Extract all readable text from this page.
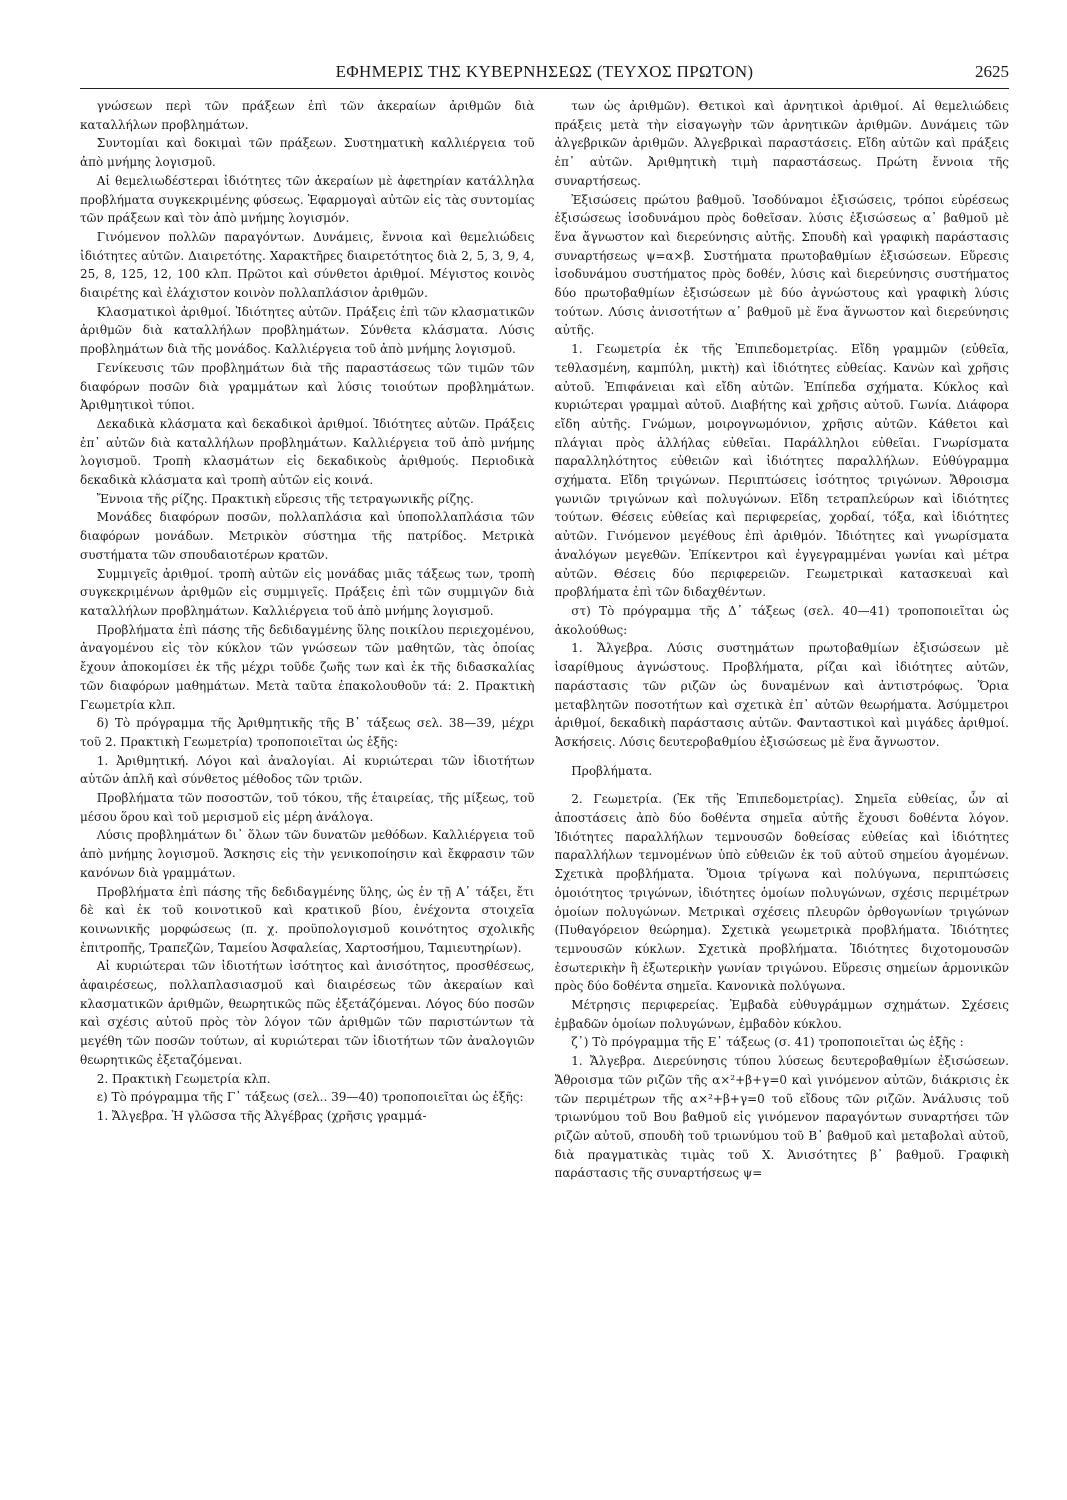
ΕΦΗΜΕΡΙΣ ΤΗΣ ΚΥΒΕΡΝΗΣΕΩΣ (ΤΕΥΧΟΣ ΠΡΩΤΟΝ)	2625

γνώσεων περὶ τῶν πράξεων ἐπὶ τῶν ἀκεραίων ἀριθμῶν διὰ καταλλήλων προβλημάτων.

Συντομίαι καὶ δοκιμαὶ τῶν πράξεων. Συστηματικὴ καλλιέργεια τοῦ ἀπὸ μνήμης λογισμοῦ.

Αἱ θεμελιωδέστεραι ἰδιότητες τῶν ἀκεραίων μὲ ἀφετηρίαν κατάλληλα προβλήματα συγκεκριμένης φύσεως. Ἐφαρμογαὶ αὐτῶν εἰς τὰς συντομίας τῶν πράξεων καὶ τὸν ἀπὸ μνήμης λογισμόν.

Γινόμενον πολλῶν παραγόντων. Δυνάμεις, ἔννοια καὶ θεμελιώδεις ἰδιότητες αὐτῶν. Διαιρετότης. Χαρακτῆρες διαιρετότητος διὰ 2, 5, 3, 9, 4, 25, 8, 125, 12, 100 κλπ. Πρῶτοι καὶ σύνθετοι ἀριθμοί. Μέγιστος κοινὸς διαιρέτης καὶ ἐλάχιστον κοινὸν πολλαπλάσιον ἀριθμῶν.

Κλασματικοὶ ἀριθμοί. Ἰδιότητες αὐτῶν. Πράξεις ἐπὶ τῶν κλασματικῶν ἀριθμῶν διὰ καταλλήλων προβλημάτων. Σύνθετα κλάσματα. Λύσις προβλημάτων διὰ τῆς μονάδος. Καλλιέργεια τοῦ ἀπὸ μνήμης λογισμοῦ.

Γενίκευσις τῶν προβλημάτων διὰ τῆς παραστάσεως τῶν τιμῶν τῶν διαφόρων ποσῶν διὰ γραμμάτων καὶ λύσις τοιούτων προβλημάτων. Ἀριθμητικοὶ τύποι.

Δεκαδικὰ κλάσματα καὶ δεκαδικοὶ ἀριθμοί. Ἰδιότητες αὐτῶν. Πράξεις ἐπ᾽ αὐτῶν διὰ καταλλήλων προβλημάτων. Καλλιέργεια τοῦ ἀπὸ μνήμης λογισμοῦ. Τροπὴ κλασμάτων εἰς δεκαδικοὺς ἀριθμούς. Περιοδικὰ δεκαδικὰ κλάσματα καὶ τροπὴ αὐτῶν εἰς κοινά.

Ἔννοια τῆς ρίζης. Πρακτικὴ εὕρεσις τῆς τετραγωνικῆς ρίζης.

Μονάδες διαφόρων ποσῶν, πολλαπλάσια καὶ ὑποπολλαπλάσια τῶν διαφόρων μονάδων. Μετρικὸν σύστημα τῆς πατρίδος. Μετρικὰ συστήματα τῶν σπουδαιοτέρων κρατῶν.

Συμμιγεῖς ἀριθμοί. τροπὴ αὐτῶν εἰς μονάδας μιᾶς τάξεως των, τροπὴ συγκεκριμένων ἀριθμῶν εἰς συμμιγεῖς. Πράξεις ἐπὶ τῶν συμμιγῶν διὰ καταλλήλων προβλημάτων. Καλλιέργεια τοῦ ἀπὸ μνήμης λογισμοῦ.

Προβλήματα ἐπὶ πάσης τῆς δεδιδαγμένης ὕλης ποικίλου περιεχομένου, ἀναγομένου εἰς τὸν κύκλον τῶν γνώσεων τῶν μαθητῶν, τὰς ὁποίας ἔχουν ἀποκομίσει ἐκ τῆς μέχρι τοῦδε ζωῆς των καὶ ἐκ τῆς διδασκαλίας τῶν διαφόρων μαθημάτων. Μετὰ ταῦτα ἐπακολουθοῦν τά: 2. Πρακτικὴ Γεωμετρία κλπ.

δ) Τὸ πρόγραμμα τῆς Ἀριθμητικῆς τῆς Β᾽ τάξεως σελ. 38—39, μέχρι τοῦ 2. Πρακτικὴ Γεωμετρία) τροποποιεῖται ὡς ἑξῆς:

1. Ἀριθμητική. Λόγοι καὶ ἀναλογίαι. Αἱ κυριώτεραι τῶν ἰδιοτήτων αὐτῶν ἁπλῆ καὶ σύνθετος μέθοδος τῶν τριῶν.

Προβλήματα τῶν ποσοστῶν, τοῦ τόκου, τῆς ἑταιρείας, τῆς μίξεως, τοῦ μέσου ὅρου καὶ τοῦ μερισμοῦ εἰς μέρη ἀνάλογα.

Λύσις προβλημάτων δι᾽ ὅλων τῶν δυνατῶν μεθόδων. Καλλιέργεια τοῦ ἀπὸ μνήμης λογισμοῦ. Ἄσκησις εἰς τὴν γενικοποίησιν καὶ ἔκφρασιν τῶν κανόνων διὰ γραμμάτων.

Προβλήματα ἐπὶ πάσης τῆς δεδιδαγμένης ὕλης, ὡς ἐν τῇ Α᾽ τάξει, ἔτι δὲ καὶ ἐκ τοῦ κοινοτικοῦ καὶ κρατικοῦ βίου, ἐνέχοντα στοιχεῖα κοινωνικῆς μορφώσεως (π. χ. προϋπολογισμοῦ κοινότητος σχολικῆς ἐπιτροπῆς, Τραπεζῶν, Ταμείου Ἀσφαλείας, Χαρτοσήμου, Ταμιευτηρίων).

Αἱ κυριώτεραι τῶν ἰδιοτήτων ἰσότητος καὶ ἀνισότητος, προσθέσεως, ἀφαιρέσεως, πολλαπλασιασμοῦ καὶ διαιρέσεως τῶν ἀκεραίων καὶ κλασματικῶν ἀριθμῶν, θεωρητικῶς πῶς ἐξετάζόμεναι. Λόγος δύο ποσῶν καὶ σχέσις αὐτοῦ πρὸς τὸν λόγον τῶν ἀριθμῶν τῶν παριστώντων τὰ μεγέθη τῶν ποσῶν τούτων, αἱ κυριώτεραι τῶν ἰδιοτήτων τῶν ἀναλογιῶν θεωρητικῶς ἐξεταζόμεναι.

2. Πρακτικὴ Γεωμετρία κλπ.

ε) Τὸ πρόγραμμα τῆς Γ᾽ τάξεως (σελ.. 39—40) τροποποιεῖται ὡς ἑξῆς:

1. Ἄλγεβρα. Ἡ γλῶσσα τῆς Ἀλγέβρας (χρῆσις γραμμά-

των ὡς ἀριθμῶν). Θετικοὶ καὶ ἀρνητικοὶ ἀριθμοί. Αἱ θεμελιώδεις πράξεις μετὰ τὴν εἰσαγωγὴν τῶν ἀρνητικῶν ἀριθμῶν. Δυνάμεις τῶν ἀλγεβρικῶν ἀριθμῶν. Ἀλγεβρικαὶ παραστάσεις. Εἴδη αὐτῶν καὶ πράξεις ἐπ᾽ αὐτῶν. Ἀριθμητικὴ τιμὴ παραστάσεως. Πρώτη ἔννοια τῆς συναρτήσεως.

Ἐξισώσεις πρώτου βαθμοῦ. Ἰσοδύναμοι ἐξισώσεις, τρόποι εὑρέσεως ἐξισώσεως ἰσοδυνάμου πρὸς δοθεῖσαν. λύσις ἐξισώσεως α᾽ βαθμοῦ μὲ ἕνα ἄγνωστον καὶ διερεύνησις αὐτῆς. Σπουδὴ καὶ γραφικὴ παράστασις συναρτήσεως ψ=α×β. Συστήματα πρωτοβαθμίων ἐξισώσεων. Εὕρεσις ἰσοδυνάμου συστήματος πρὸς δοθέν, λύσις καὶ διερεύνησις συστήματος δύο πρωτοβαθμίων ἐξισώσεων μὲ δύο ἀγνώστους καὶ γραφικὴ λύσις τούτων. Λύσις ἀνισοτήτων α᾽ βαθμοῦ μὲ ἕνα ἄγνωστον καὶ διερεύνησις αὐτῆς.

1. Γεωμετρία ἐκ τῆς Ἐπιπεδομετρίας. Εἴδη γραμμῶν (εὐθεῖα, τεθλασμένη, καμπύλη, μικτὴ) καὶ ἰδιότητες εὐθείας. Κανὼν καὶ χρῆσις αὐτοῦ. Ἐπιφάνειαι καὶ εἴδη αὐτῶν. Ἐπίπεδα σχήματα. Κύκλος καὶ κυριώτεραι γραμμαὶ αὐτοῦ. Διαβήτης καὶ χρῆσις αὐτοῦ. Γωνία. Διάφορα εἴδη αὐτῆς. Γνώμων, μοιρογνωμόνιον, χρῆσις αὐτῶν. Κάθετοι καὶ πλάγιαι πρὸς ἀλλήλας εὐθεῖαι. Παράλληλοι εὐθεῖαι. Γνωρίσματα παραλληλότητος εὐθειῶν καὶ ἰδιότητες παραλλήλων. Εὐθύγραμμα σχήματα. Εἴδη τριγώνων. Περιπτώσεις ἰσότητος τριγώνων. Ἄθροισμα γωνιῶν τριγώνων καὶ πολυγώνων. Εἴδη τετραπλεύρων καὶ ἰδιότητες τούτων. Θέσεις εὐθείας καὶ περιφερείας, χορδαί, τόξα, καὶ ἰδιότητες αὐτῶν. Γινόμενον μεγέθους ἐπὶ ἀριθμόν. Ἰδιότητες καὶ γνωρίσματα ἀναλόγων μεγεθῶν. Ἐπίκεντροι καὶ ἐγγεγραμμέναι γωνίαι καὶ μέτρα αὐτῶν. Θέσεις δύο περιφερειῶν. Γεωμετρικαὶ κατασκευαὶ καὶ προβλήματα ἐπὶ τῶν διδαχθέντων.

στ) Τὸ πρόγραμμα τῆς Δ᾽ τάξεως (σελ. 40—41) τροποποιεῖται ὡς ἀκολούθως:

1. Ἄλγεβρα. Λύσις συστημάτων πρωτοβαθμίων ἐξισώσεων μὲ ἰσαρίθμους ἀγνώστους. Προβλήματα, ρίζαι καὶ ἰδιότητες αὐτῶν, παράστασις τῶν ριζῶν ὡς δυναμένων καὶ ἀντιστρόφως. Ὅρια μεταβλητῶν ποσοτήτων καὶ σχετικὰ ἐπ᾽ αὐτῶν θεωρήματα. Ἀσύμμετροι ἀριθμοί, δεκαδικὴ παράστασις αὐτῶν. Φανταστικοὶ καὶ μιγάδες ἀριθμοί. Ἀσκήσεις. Λύσις δευτεροβαθμίου ἐξισώσεως μὲ ἕνα ἄγνωστον.

Προβλήματα.

2. Γεωμετρία. (Ἐκ τῆς Ἐπιπεδομετρίας). Σημεῖα εὐθείας, ὧν αἱ ἀποστάσεις ἀπὸ δύο δοθέντα σημεῖα αὐτῆς ἔχουσι δοθέντα λόγον. Ἰδιότητες παραλλήλων τεμνουσῶν δοθείσας εὐθείας καὶ ἰδιότητες παραλλήλων τεμνομένων ὑπὸ εὐθειῶν ἐκ τοῦ αὐτοῦ σημείου ἀγομένων. Σχετικὰ προβλήματα. Ὅμοια τρίγωνα καὶ πολύγωνα, περιπτώσεις ὁμοιότητος τριγώνων, ἰδιότητες ὁμοίων πολυγώνων, σχέσις περιμέτρων ὁμοίων πολυγώνων. Μετρικαὶ σχέσεις πλευρῶν ὀρθογωνίων τριγώνων (Πυθαγόρειον θεώρημα). Σχετικὰ γεωμετρικὰ προβλήματα. Ἰδιότητες τεμνουσῶν κύκλων. Σχετικὰ προβλήματα. Ἰδιότητες διχοτομουσῶν ἐσωτερικὴν ἢ ἐξωτερικὴν γωνίαν τριγώνου. Εὕρεσις σημείων ἁρμονικῶν πρὸς δύο δοθέντα σημεῖα. Κανονικὰ πολύγωνα.

Μέτρησις περιφερείας. Ἐμβαδὰ εὐθυγράμμων σχημάτων. Σχέσεις ἐμβαδῶν ὁμοίων πολυγώνων, ἐμβαδὸν κύκλου.

ζ᾽) Τὸ πρόγραμμα τῆς Ε᾽ τάξεως (σ. 41) τροποποιεῖται ὡς ἑξῆς :

1. Ἄλγεβρα. Διερεύνησις τύπου λύσεως δευτεροβαθμίων ἐξισώσεων. Ἄθροισμα τῶν ριζῶν τῆς α×²+β+γ=0 καὶ γινόμενον αὐτῶν, διάκρισις ἐκ τῶν περιμέτρων τῆς α×²+β+γ=0 τοῦ εἴδους τῶν ριζῶν. Ἀνάλυσις τοῦ τριωνύμου τοῦ Βου βαθμοῦ εἰς γινόμενον παραγόντων συναρτήσει τῶν ριζῶν αὐτοῦ, σπουδὴ τοῦ τριωνύμου τοῦ Β᾽ βαθμοῦ καὶ μεταβολαὶ αὐτοῦ, διὰ πραγματικὰς τιμὰς τοῦ Χ. Ἀνισότητες β᾽ βαθμοῦ. Γραφικὴ παράστασις τῆς συναρτήσεως ψ=
